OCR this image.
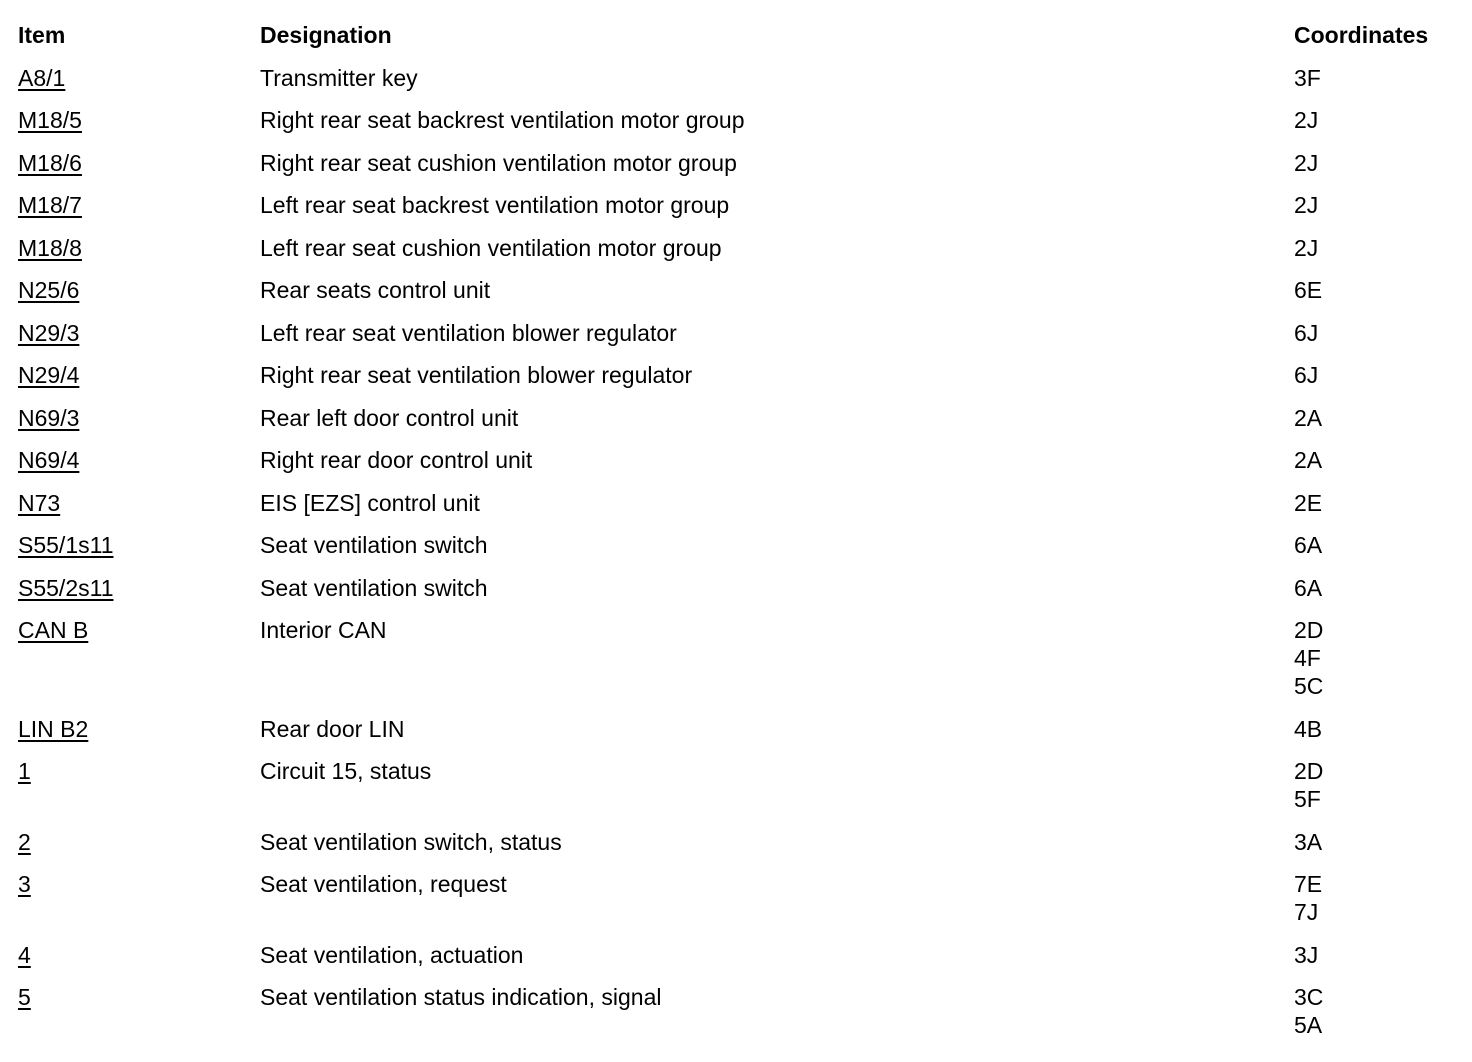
Item	Designation	Coordinates
A8/1	Transmitter key	3F
M18/5	Right rear seat backrest ventilation motor group	2J
M18/6	Right rear seat cushion ventilation motor group	2J
M18/7	Left rear seat backrest ventilation motor group	2J
M18/8	Left rear seat cushion ventilation motor group	2J
N25/6	Rear seats control unit	6E
N29/3	Left rear seat ventilation blower regulator	6J
N29/4	Right rear seat ventilation blower regulator	6J
N69/3	Rear left door control unit	2A
N69/4	Right rear door control unit	2A
N73	EIS [EZS] control unit	2E
S55/1s11	Seat ventilation switch	6A
S55/2s11	Seat ventilation switch	6A
CAN B	Interior CAN	2D
4F
5C
LIN B2	Rear door LIN	4B
1	Circuit 15, status	2D
5F
2	Seat ventilation switch, status	3A
3	Seat ventilation, request	7E
7J
4	Seat ventilation, actuation	3J
5	Seat ventilation status indication, signal	3C
5A
